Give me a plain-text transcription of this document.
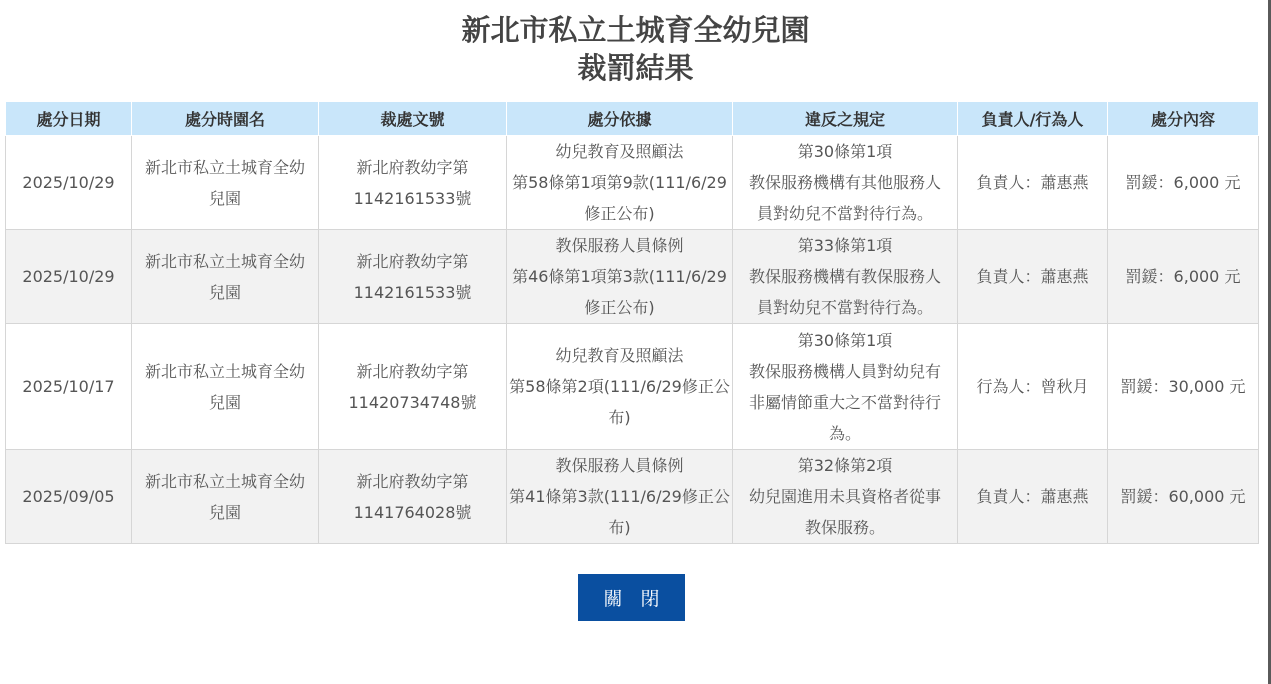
新北市私立土城育全幼兒園
裁罰結果
處分日期	處分時園名	裁處文號	處分依據	違反之規定	負責人/行為人	處分內容
2025/10/29	新北市私立土城育全幼
兒園	新北府教幼字第
1142161533號	幼兒教育及照顧法
第58條第1項第9款(111/6/29
修正公布)	第30條第1項
教保服務機構有其他服務人
員對幼兒不當對待行為。	負責人：蕭惠燕	罰鍰：6,000 元
2025/10/29	新北市私立土城育全幼
兒園	新北府教幼字第
1142161533號	教保服務人員條例
第46條第1項第3款(111/6/29
修正公布)	第33條第1項
教保服務機構有教保服務人
員對幼兒不當對待行為。	負責人：蕭惠燕	罰鍰：6,000 元
2025/10/17	新北市私立土城育全幼
兒園	新北府教幼字第
11420734748號	幼兒教育及照顧法
第58條第2項(111/6/29修正公
布)	第30條第1項
教保服務機構人員對幼兒有
非屬情節重大之不當對待行
為。	行為人：曾秋月	罰鍰：30,000 元
2025/09/05	新北市私立土城育全幼
兒園	新北府教幼字第
1141764028號	教保服務人員條例
第41條第3款(111/6/29修正公
布)	第32條第2項
幼兒園進用未具資格者從事
教保服務。	負責人：蕭惠燕	罰鍰：60,000 元
關閉
